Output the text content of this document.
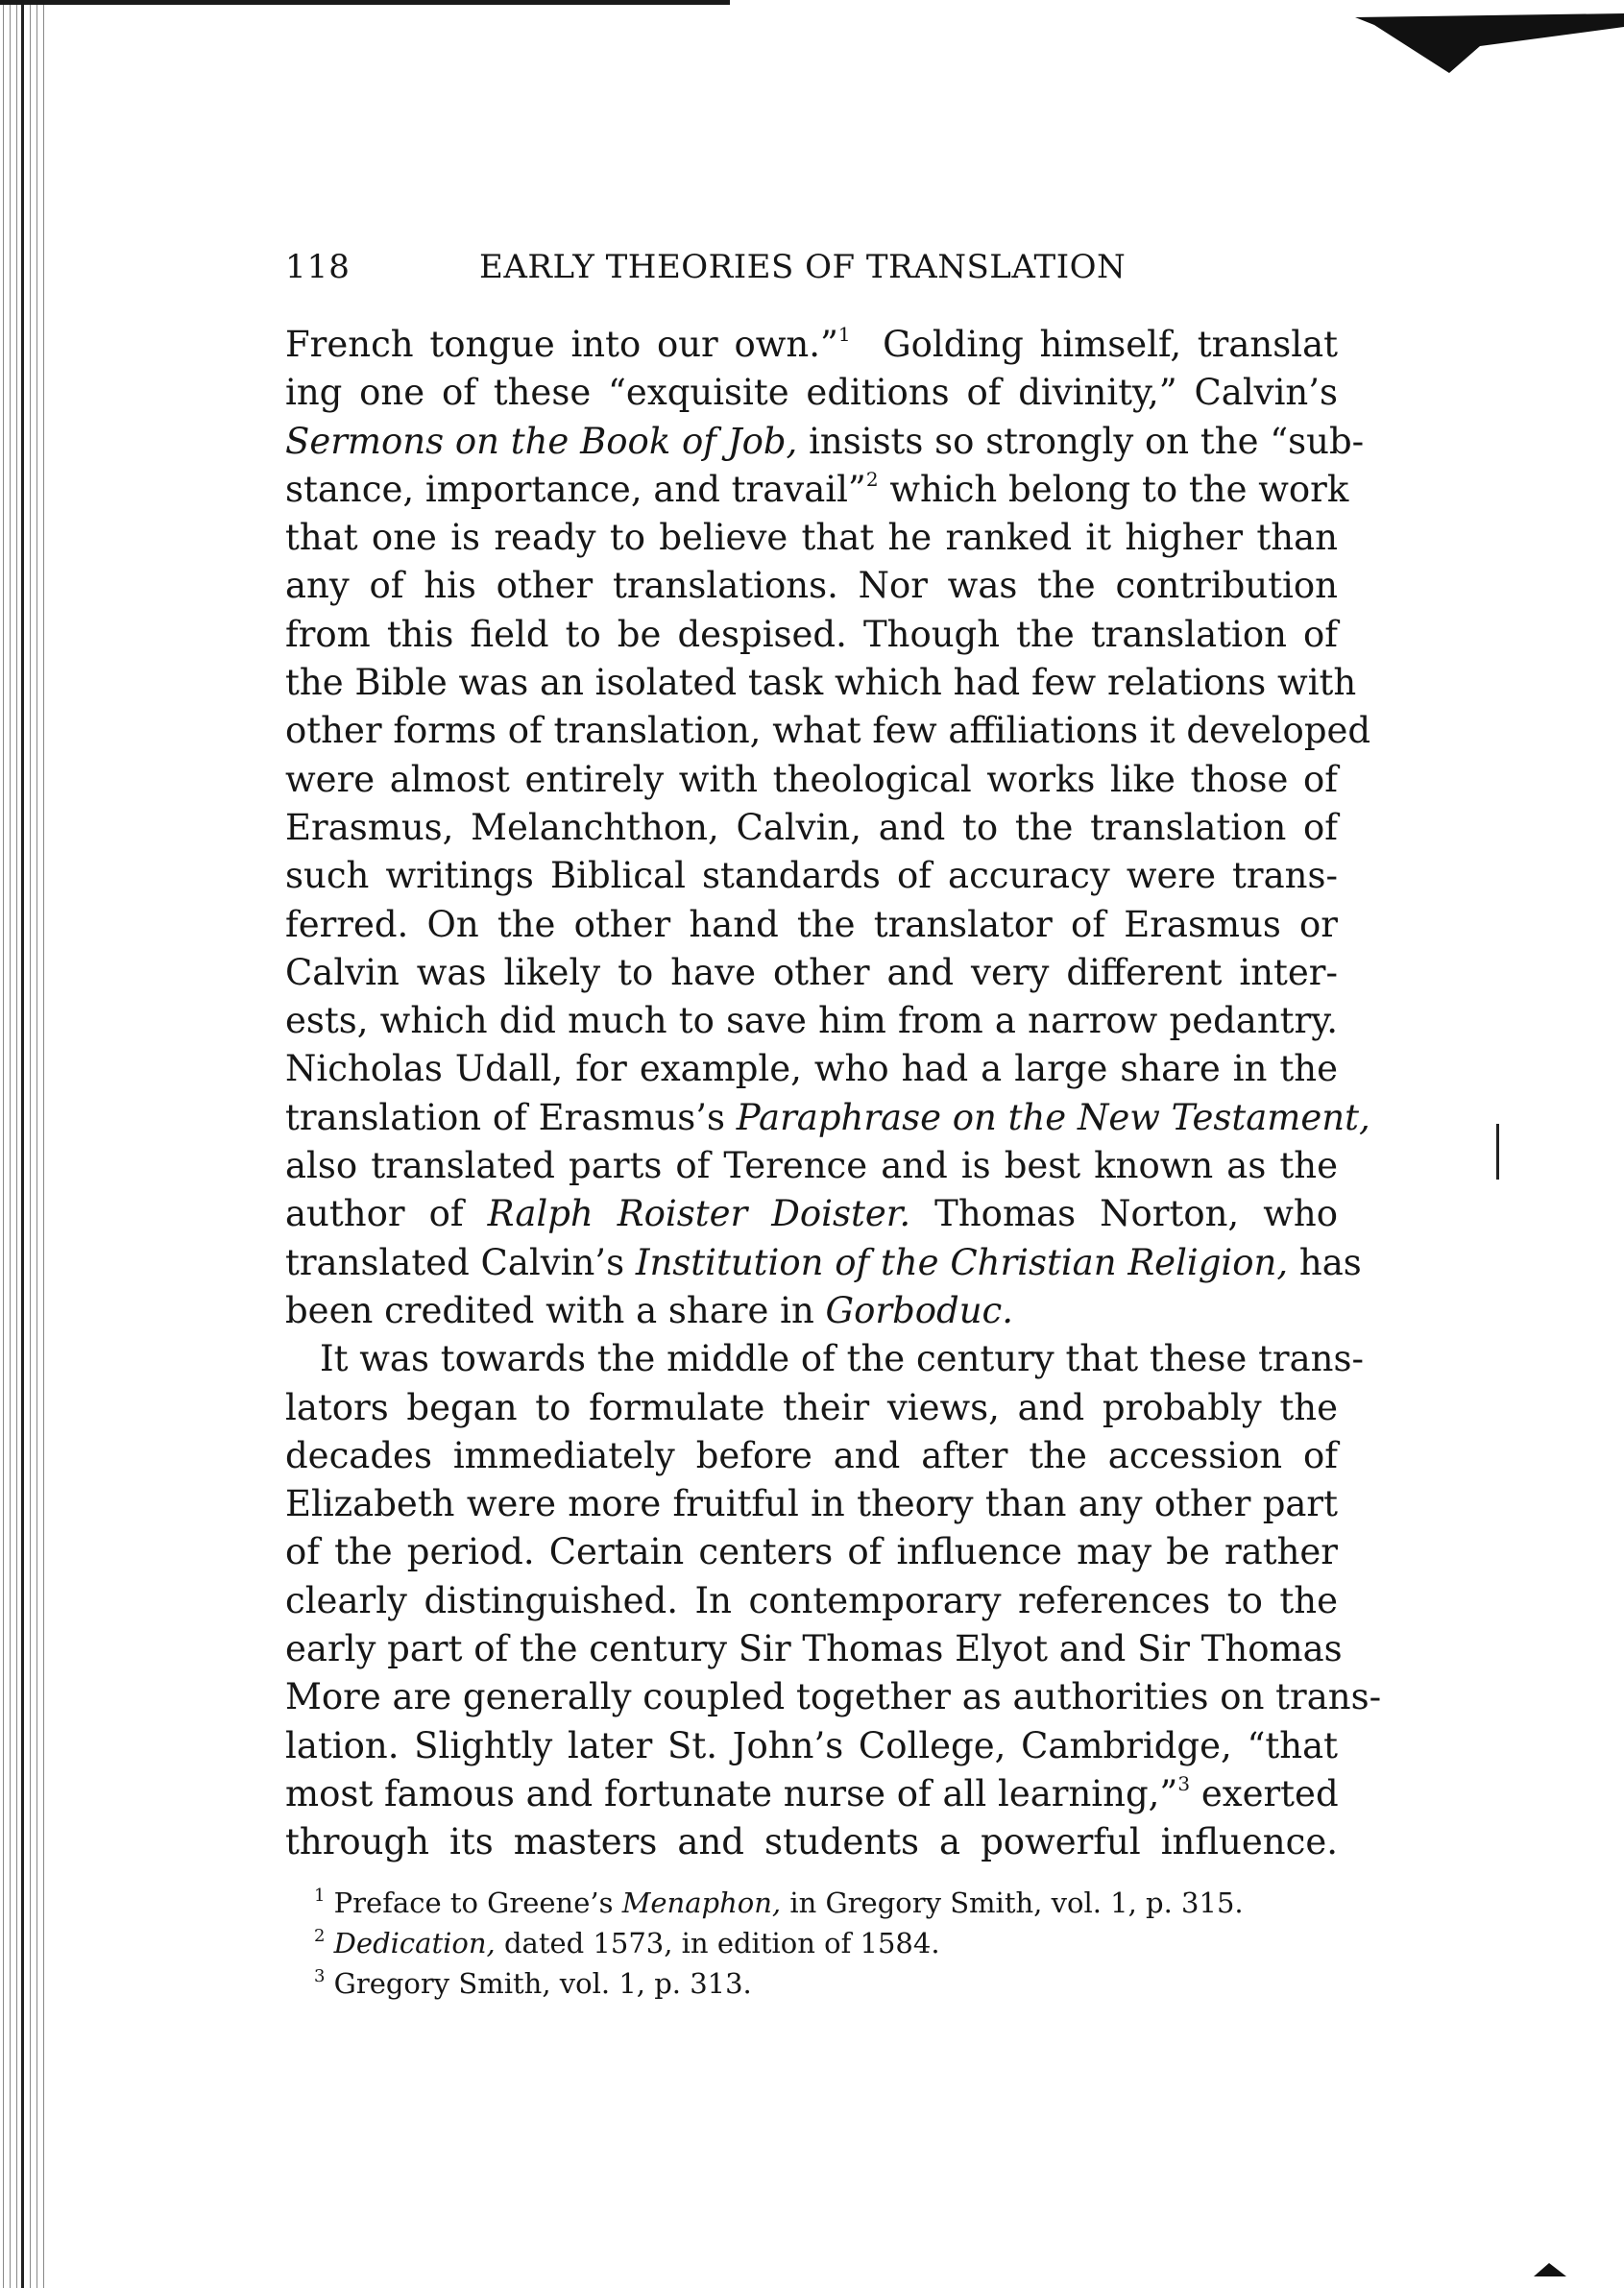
118	EARLY THEORIES OF TRANSLATION
French tongue into our own.”$^1$ Golding himself, translat
ing one of these “exquisite editions of divinity,” Calvin’s
Sermons on the Book of Job, insists so strongly on the “sub-
stance, importance, and travail”$^2$ which belong to the work
that one is ready to believe that he ranked it higher than
any of his other translations. Nor was the contribution
from this field to be despised. Though the translation of
the Bible was an isolated task which had few relations with
other forms of translation, what few affiliations it developed
were almost entirely with theological works like those of
Erasmus, Melanchthon, Calvin, and to the translation of
such writings Biblical standards of accuracy were trans-
ferred. On the other hand the translator of Erasmus or
Calvin was likely to have other and very different inter-
ests, which did much to save him from a narrow pedantry.
Nicholas Udall, for example, who had a large share in the
translation of Erasmus’s Paraphrase on the New Testament,
also translated parts of Terence and is best known as the
author of Ralph Roister Doister. Thomas Norton, who
translated Calvin’s Institution of the Christian Religion, has
been credited with a share in Gorboduc.
It was towards the middle of the century that these trans-
lators began to formulate their views, and probably the
decades immediately before and after the accession of
Elizabeth were more fruitful in theory than any other part
of the period. Certain centers of influence may be rather
clearly distinguished. In contemporary references to the
early part of the century Sir Thomas Elyot and Sir Thomas
More are generally coupled together as authorities on trans-
lation. Slightly later St. John’s College, Cambridge, “that
most famous and fortunate nurse of all learning,”$^3$ exerted
through its masters and students a powerful influence.
$^1$ Preface to Greene’s Menaphon, in Gregory Smith, vol. 1, p. 315.
$^2$ Dedication, dated 1573, in edition of 1584.
$^3$ Gregory Smith, vol. 1, p. 313.
